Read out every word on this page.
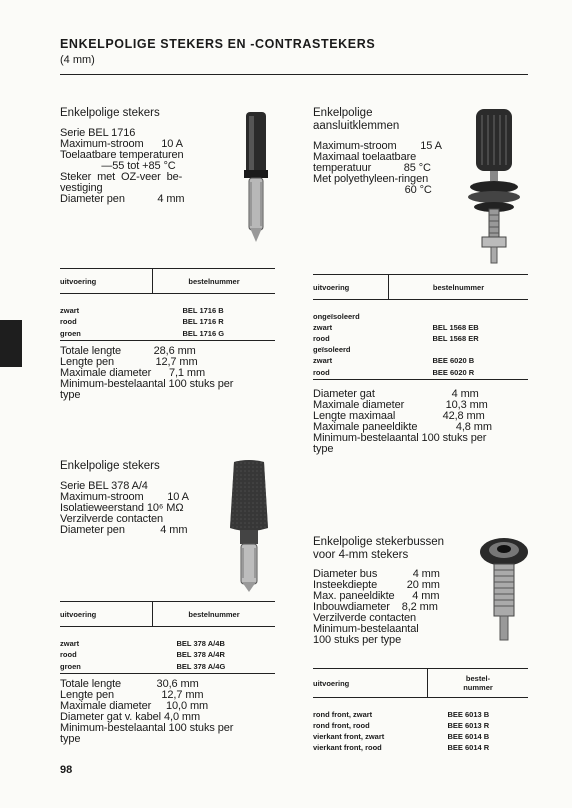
ENKELPOLIGE STEKERS EN -CONTRASTEKERS
(4 mm)
Enkelpolige stekers
Serie BEL 1716
Maximum-stroom      10 A
Toelaatbare temperaturen
—55 tot +85 °C
Steker  met  OZ-veer  be-
vestiging
Diameter pen           4 mm
uitvoering	bestelnummer

zwart	BEL 1716 B
rood	BEL 1716 R
groen	BEL 1716 G
Totale lengte           28,6 mm
Lengte pen              12,7 mm
Maximale diameter      7,1 mm
Minimum-bestelaantal 100 stuks per
type
Enkelpolige
aansluitklemmen
Maximum-stroom        15 A
Maximaal toelaatbare
temperatuur           85 °C
Met polyethyleen-ringen
60 °C
uitvoering	bestelnummer

ongeïsoleerd	
zwart	BEL 1568 EB
rood	BEL 1568 ER
geïsoleerd	
zwart	BEE 6020 B
rood	BEE 6020 R
Diameter gat                          4 mm
Maximale diameter              10,3 mm
Lengte maximaal                42,8 mm
Maximale paneeldikte             4,8 mm
Minimum-bestelaantal 100 stuks per
type
Enkelpolige stekers
Serie BEL 378 A/4
Maximum-stroom        10 A
Isolatieweerstand 10⁶ MΩ
Verzilverde contacten
Diameter pen            4 mm
uitvoering	bestelnummer

zwart	BEL 378 A/4B
rood	BEL 378 A/4R
groen	BEL 378 A/4G
Totale lengte            30,6 mm
Lengte pen                12,7 mm
Maximale diameter     10,0 mm
Diameter gat v. kabel 4,0 mm
Minimum-bestelaantal 100 stuks per
type
Enkelpolige stekerbussen
voor 4-mm stekers
Diameter bus            4 mm
Insteekdiepte          20 mm
Max. paneeldikte      4 mm
Inbouwdiameter    8,2 mm
Verzilverde contacten
Minimum-bestelaantal
100 stuks per type
uitvoering	bestel-
nummer

rond front, zwart	BEE 6013 B
rond front, rood	BEE 6013 R
vierkant front, zwart	BEE 6014 B
vierkant front, rood	BEE 6014 R
98
